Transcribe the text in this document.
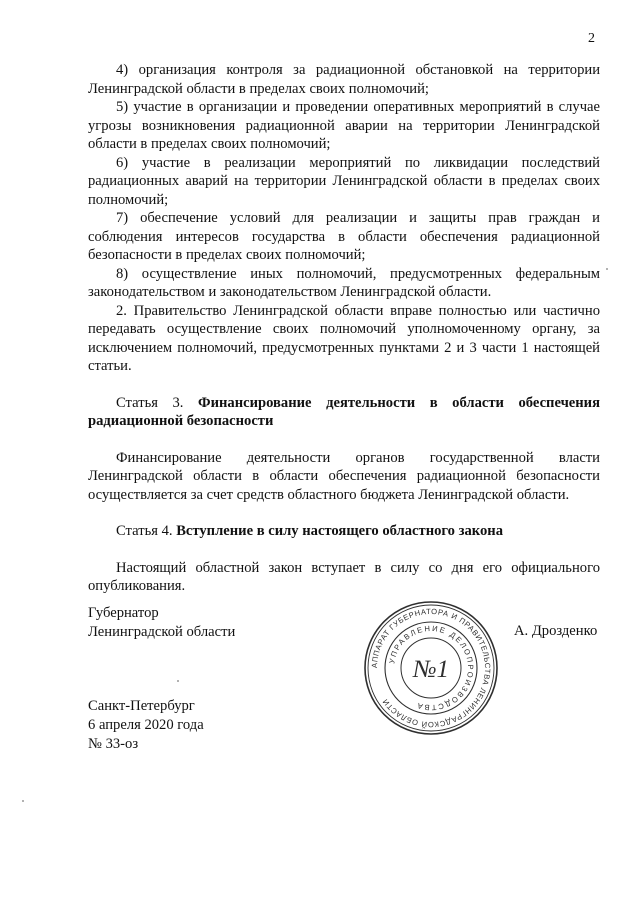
2

4) организация контроля за радиационной обстановкой на территории Ленинградской области в пределах своих полномочий;

5) участие в организации и проведении оперативных мероприятий в случае угрозы возникновения радиационной аварии на территории Ленинградской области в пределах своих полномочий;

6) участие в реализации мероприятий по ликвидации последствий радиационных аварий на территории Ленинградской области в пределах своих полномочий;

7) обеспечение условий для реализации и защиты прав граждан и соблюдения интересов государства в области обеспечения радиационной безопасности в пределах своих полномочий;

8) осуществление иных полномочий, предусмотренных федеральным законодательством и законодательством Ленинградской области.

2. Правительство Ленинградской области вправе полностью или частично передавать осуществление своих полномочий уполномоченному органу, за исключением полномочий, предусмотренных пунктами 2 и 3 части 1 настоящей статьи.

Статья 3. Финансирование деятельности в области обеспечения радиационной безопасности

Финансирование деятельности органов государственной власти Ленинградской области в области обеспечения радиационной безопасности осуществляется за счет средств областного бюджета Ленинградской области.

Статья 4. Вступление в силу настоящего областного закона

Настоящий областной закон вступает в силу со дня его официального опубликования.

Губернатор
Ленинградской области	А. Дрозденко
АППАРАТ ГУБЕРНАТОРА И ПРАВИТЕЛЬСТВА ЛЕНИНГРАДСКОЙ ОБЛАСТИ
УПРАВЛЕНИЕ ДЕЛОПРОИЗВОДСТВА
№1
Санкт-Петербург
6 апреля 2020 года
№ 33-оз
